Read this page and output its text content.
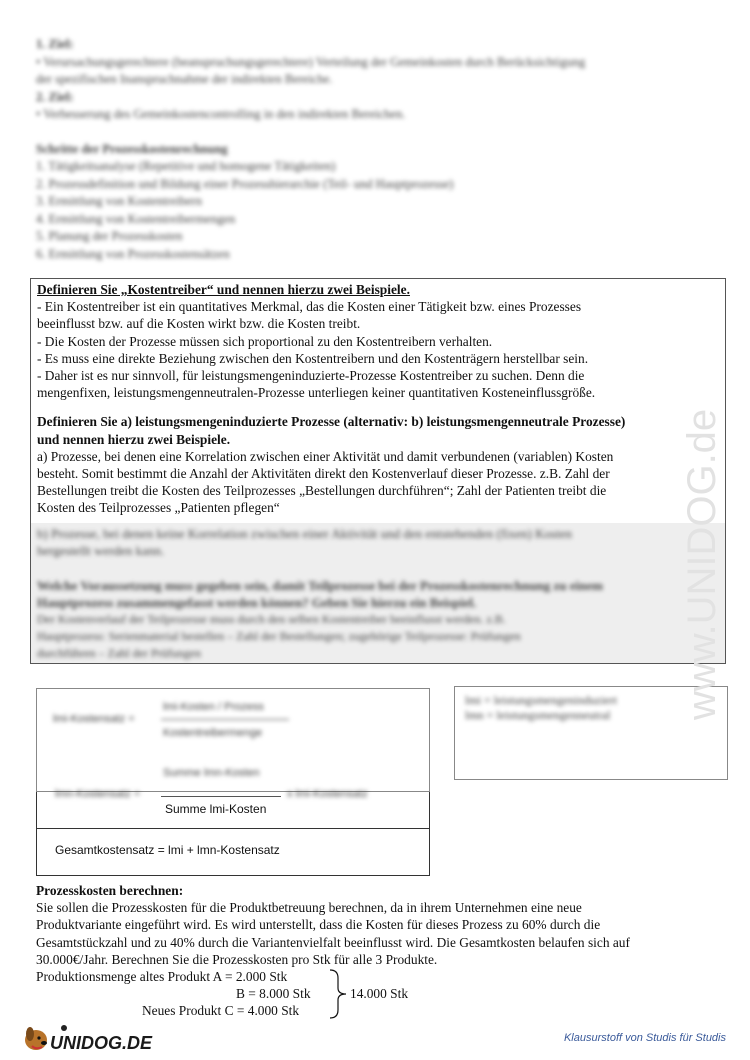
1. Ziel:
• Verursachungsgerechtere (beanspruchungsgerechtere) Verteilung der Gemeinkosten durch Berücksichtigung
der spezifischen Inanspruchnahme der indirekten Bereiche.
2. Ziel:
• Verbesserung des Gemeinkostencontrolling in den indirekten Bereichen.
Schritte der Prozesskostenrechnung
1. Tätigkeitsanalyse (Repetitive und homogene Tätigkeiten)
2. Prozessdefinition und Bildung einer Prozesshierarchie (Teil- und Hauptprozesse)
3. Ermittlung von Kostentreibern
4. Ermittlung von Kostentreibermengen
5. Planung der Prozesskosten
6. Ermittlung von Prozesskostensätzen
Definieren Sie „Kostentreiber“ und nennen hierzu zwei Beispiele.
- Ein Kostentreiber ist ein quantitatives Merkmal, das die Kosten einer Tätigkeit bzw. eines Prozesses
beeinflusst bzw. auf die Kosten wirkt bzw. die Kosten treibt.
- Die Kosten der Prozesse müssen sich proportional zu den Kostentreibern verhalten.
- Es muss eine direkte Beziehung zwischen den Kostentreibern und den Kostenträgern herstellbar sein.
- Daher ist es nur sinnvoll, für leistungsmengeninduzierte-Prozesse Kostentreiber zu suchen. Denn die
mengenfixen, leistungsmengenneutralen-Prozesse unterliegen keiner quantitativen Kosteneinflussgröße.
Definieren Sie a) leistungsmengeninduzierte Prozesse (alternativ: b) leistungsmengenneutrale Prozesse)
und nennen hierzu zwei Beispiele.
a) Prozesse, bei denen eine Korrelation zwischen einer Aktivität und damit verbundenen (variablen) Kosten
besteht. Somit bestimmt die Anzahl der Aktivitäten direkt den Kostenverlauf dieser Prozesse. z.B. Zahl der
Bestellungen treibt die Kosten des Teilprozesses „Bestellungen durchführen“; Zahl der Patienten treibt die
Kosten des Teilprozesses „Patienten pflegen“
b) Prozesse, bei denen keine Korrelation zwischen einer Aktivität und den entstehenden (fixen) Kosten
hergestellt werden kann.
Welche Voraussetzung muss gegeben sein, damit Teilprozesse bei der Prozesskostenrechnung zu einem
Hauptprozess zusammengefasst werden können? Geben Sie hierzu ein Beispiel.
Der Kostenverlauf der Teilprozesse muss durch den selben Kostentreiber beeinflusst werden. z.B.
Hauptprozess: Serienmaterial bestellen – Zahl der Bestellungen; zugehörige Teilprozesse: Prüfungen
durchführen – Zahl der Prüfungen
lmi-Kostensatz =
lmi-Kosten / Prozess
Kostentreibermenge
Summe lmn-Kosten
lmi = leistungsmengeninduziert
lmn = leistungsmengenneutral
lmn-Kostensatz =	x lmi-Kostensatz
Summe lmi-Kosten
Gesamtkostensatz = lmi + lmn-Kostensatz
Prozesskosten berechnen:
Sie sollen die Prozesskosten für die Produktbetreuung berechnen, da in ihrem Unternehmen eine neue
Produktvariante eingeführt wird. Es wird unterstellt, dass die Kosten für dieses Prozess zu 60% durch die
Gesamtstückzahl und zu 40% durch die Variantenvielfalt beeinflusst wird. Die Gesamtkosten belaufen sich auf
30.000€/Jahr. Berechnen Sie die Prozesskosten pro Stk für alle 3 Produkte.
Produktionsmenge altes Produkt A = 2.000 Stk
B = 8.000 Stk
Neues Produkt C = 4.000 Stk
14.000 Stk
www.UNIDOG.de
UNIDOG.DE	Klausurstoff von Studis für Studis
